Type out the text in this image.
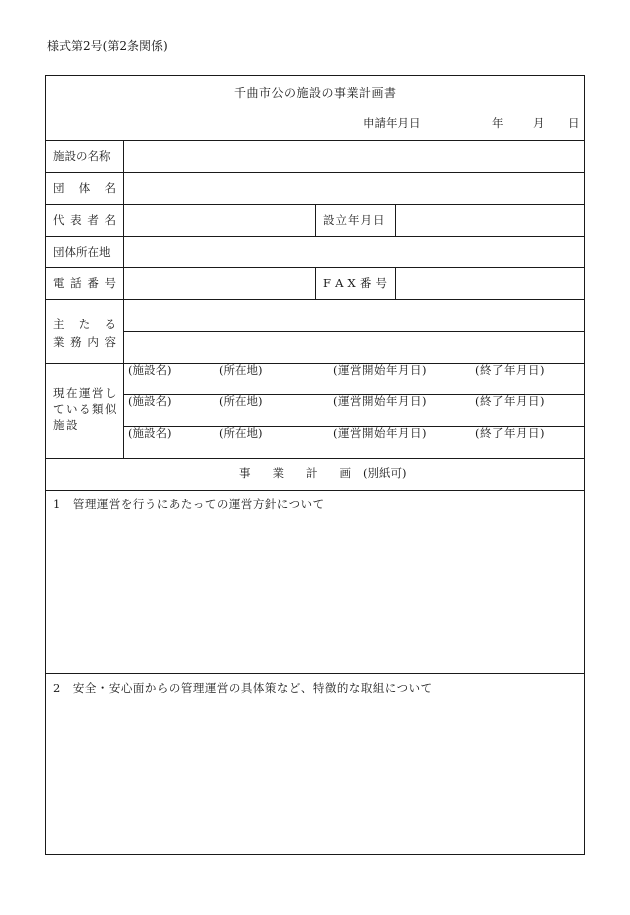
様式第2号(第2条関係)
千曲市公の施設の事業計画書
申請年月日	年	月 日
施設の名称
団 体 名
代 表 者 名	設立年月日
団体所在地
電 話 番 号	F A X 番 号
主 た る
業 務 内 容
現在運営し
ている類似
施設
(施設名)	(所在地)	(運営開始年月日)	(終了年月日)
(施設名)	(所在地)	(運営開始年月日)	(終了年月日)
(施設名)	(所在地)	(運営開始年月日)	(終了年月日)
事 業 計 画 (別紙可)
1　管理運営を行うにあたっての運営方針について
2　安全・安心面からの管理運営の具体策など、特徴的な取組について
